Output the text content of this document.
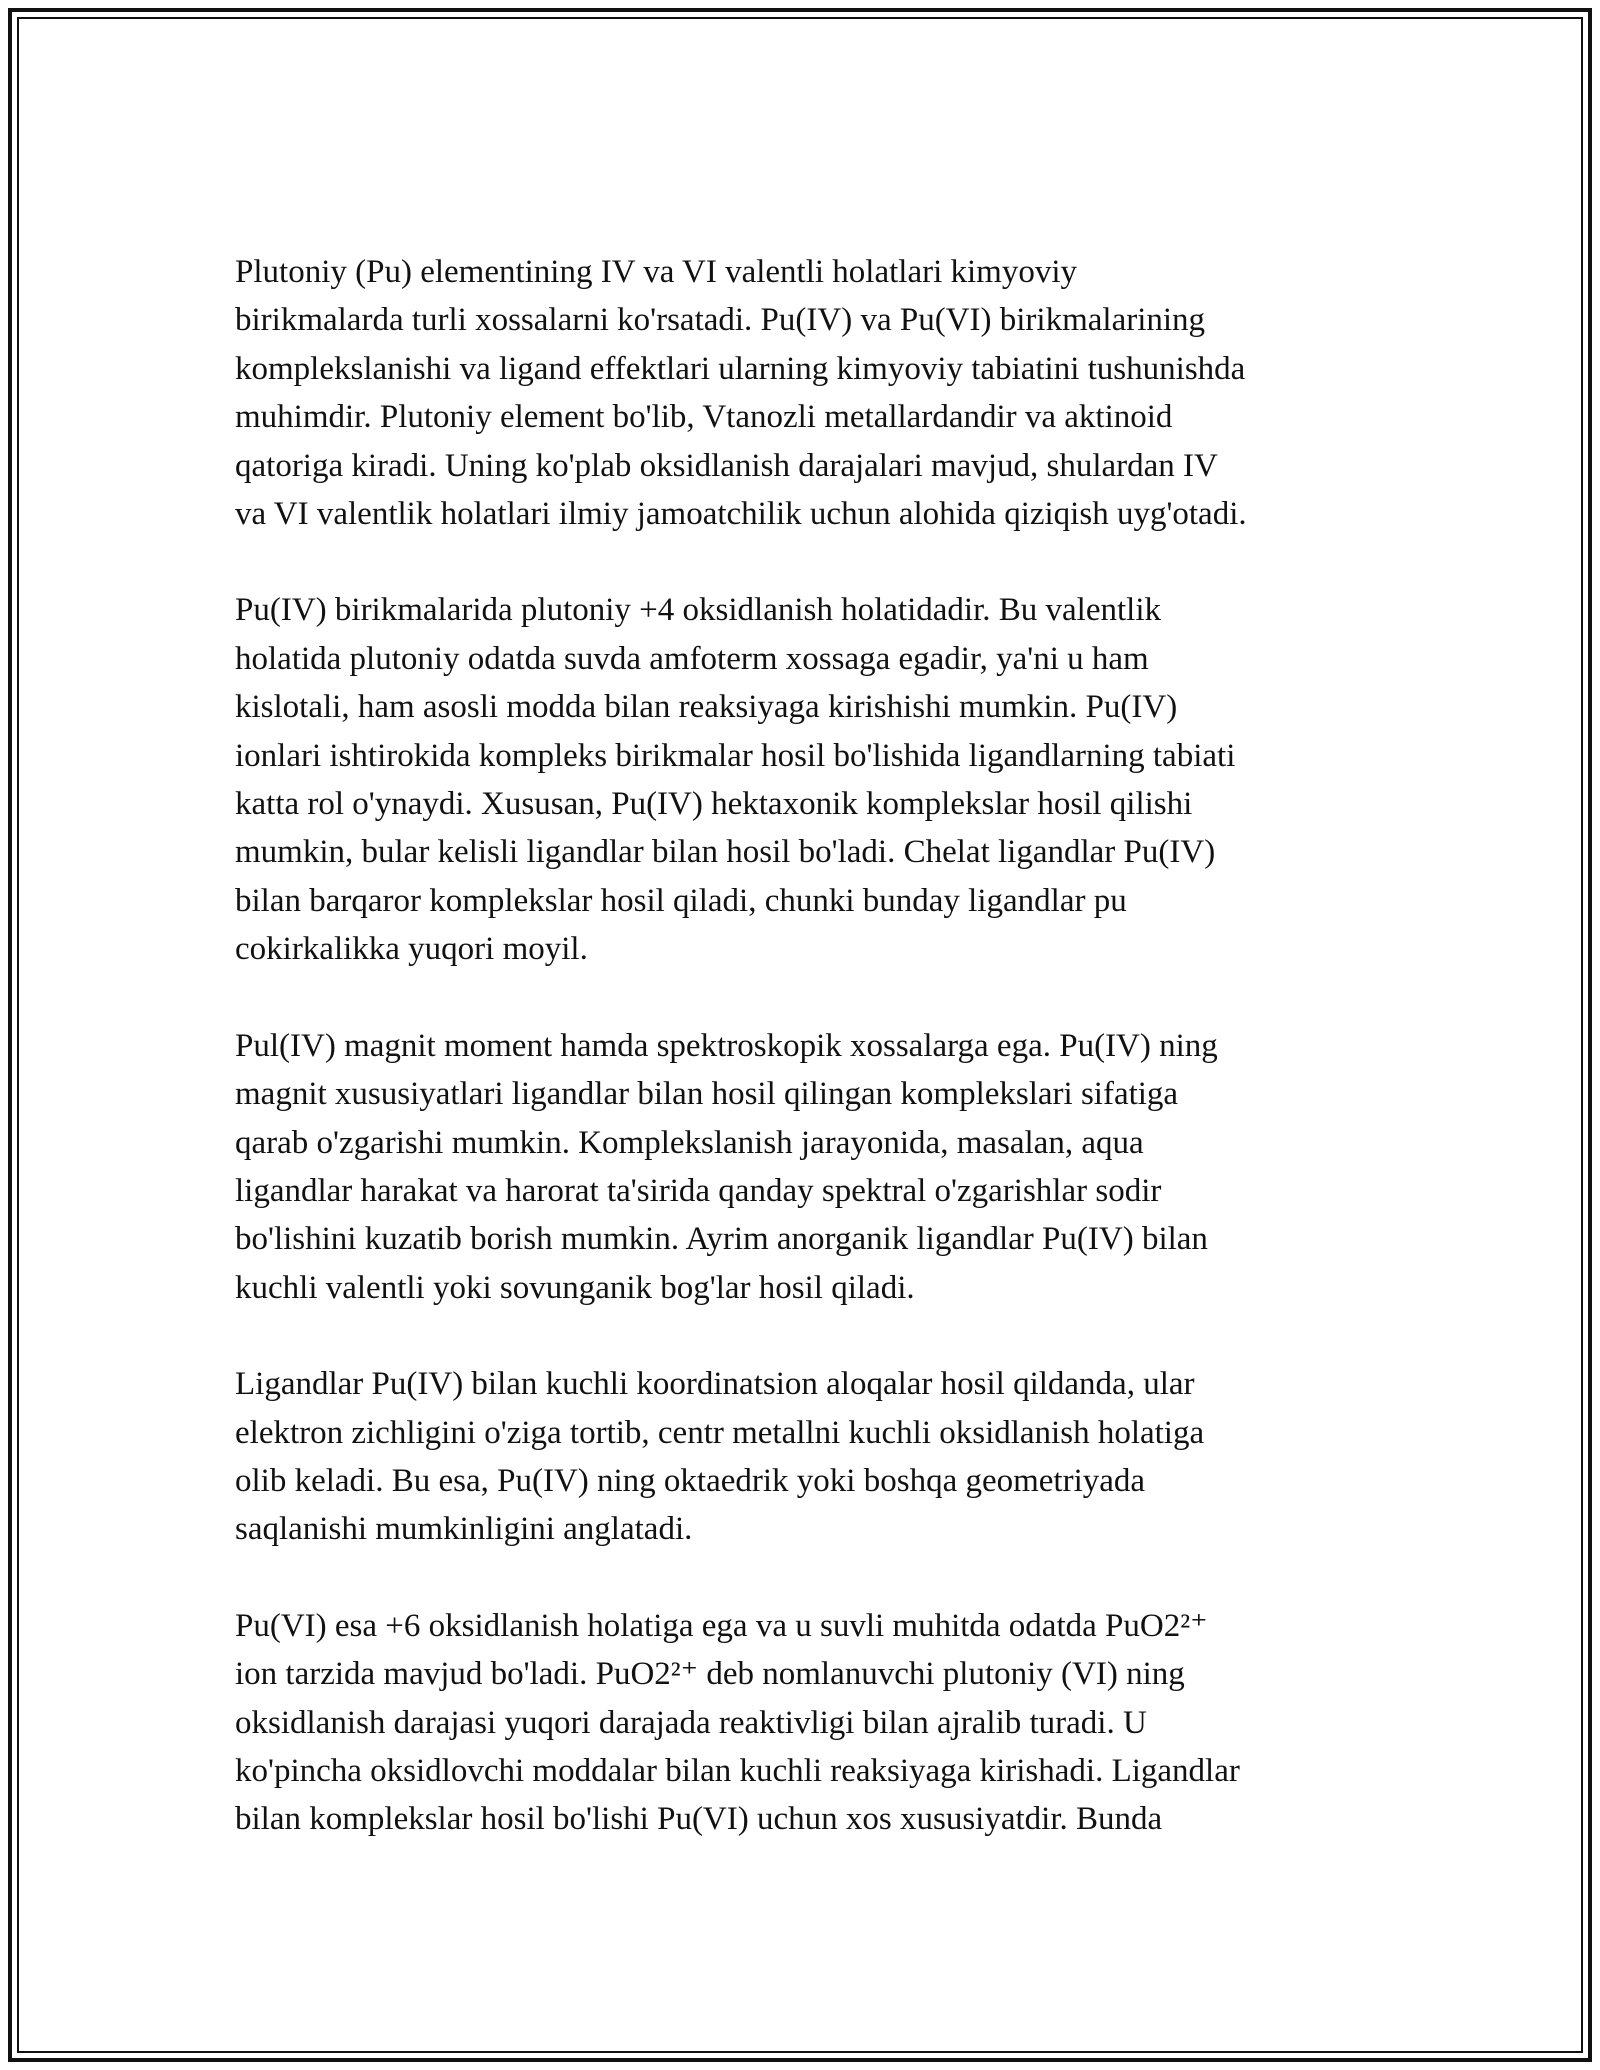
Plutoniy (Pu) elementining IV va VI valentli holatlari kimyoviy
birikmalarda turli xossalarni ko'rsatadi. Pu(IV) va Pu(VI) birikmalarining
komplekslanishi va ligand effektlari ularning kimyoviy tabiatini tushunishda
muhimdir. Plutoniy element bo'lib, Vtanozli metallardandir va aktinoid
qatoriga kiradi. Uning ko'plab oksidlanish darajalari mavjud, shulardan IV
va VI valentlik holatlari ilmiy jamoatchilik uchun alohida qiziqish uyg'otadi.

Pu(IV) birikmalarida plutoniy +4 oksidlanish holatidadir. Bu valentlik
holatida plutoniy odatda suvda amfoterm xossaga egadir, ya'ni u ham
kislotali, ham asosli modda bilan reaksiyaga kirishishi mumkin. Pu(IV)
ionlari ishtirokida kompleks birikmalar hosil bo'lishida ligandlarning tabiati
katta rol o'ynaydi. Xususan, Pu(IV) hektaxonik komplekslar hosil qilishi
mumkin, bular kelisli ligandlar bilan hosil bo'ladi. Chelat ligandlar Pu(IV)
bilan barqaror komplekslar hosil qiladi, chunki bunday ligandlar pu
cokirkalikka yuqori moyil.

Pul(IV) magnit moment hamda spektroskopik xossalarga ega. Pu(IV) ning
magnit xususiyatlari ligandlar bilan hosil qilingan komplekslari sifatiga
qarab o'zgarishi mumkin. Komplekslanish jarayonida, masalan, aqua
ligandlar harakat va harorat ta'sirida qanday spektral o'zgarishlar sodir
bo'lishini kuzatib borish mumkin. Ayrim anorganik ligandlar Pu(IV) bilan
kuchli valentli yoki sovunganik bog'lar hosil qiladi.

Ligandlar Pu(IV) bilan kuchli koordinatsion aloqalar hosil qildanda, ular
elektron zichligini o'ziga tortib, centr metallni kuchli oksidlanish holatiga
olib keladi. Bu esa, Pu(IV) ning oktaedrik yoki boshqa geometriyada
saqlanishi mumkinligini anglatadi.

Pu(VI) esa +6 oksidlanish holatiga ega va u suvli muhitda odatda PuO2²⁺
ion tarzida mavjud bo'ladi. PuO2²⁺ deb nomlanuvchi plutoniy (VI) ning
oksidlanish darajasi yuqori darajada reaktivligi bilan ajralib turadi. U
ko'pincha oksidlovchi moddalar bilan kuchli reaksiyaga kirishadi. Ligandlar
bilan komplekslar hosil bo'lishi Pu(VI) uchun xos xususiyatdir. Bunda
